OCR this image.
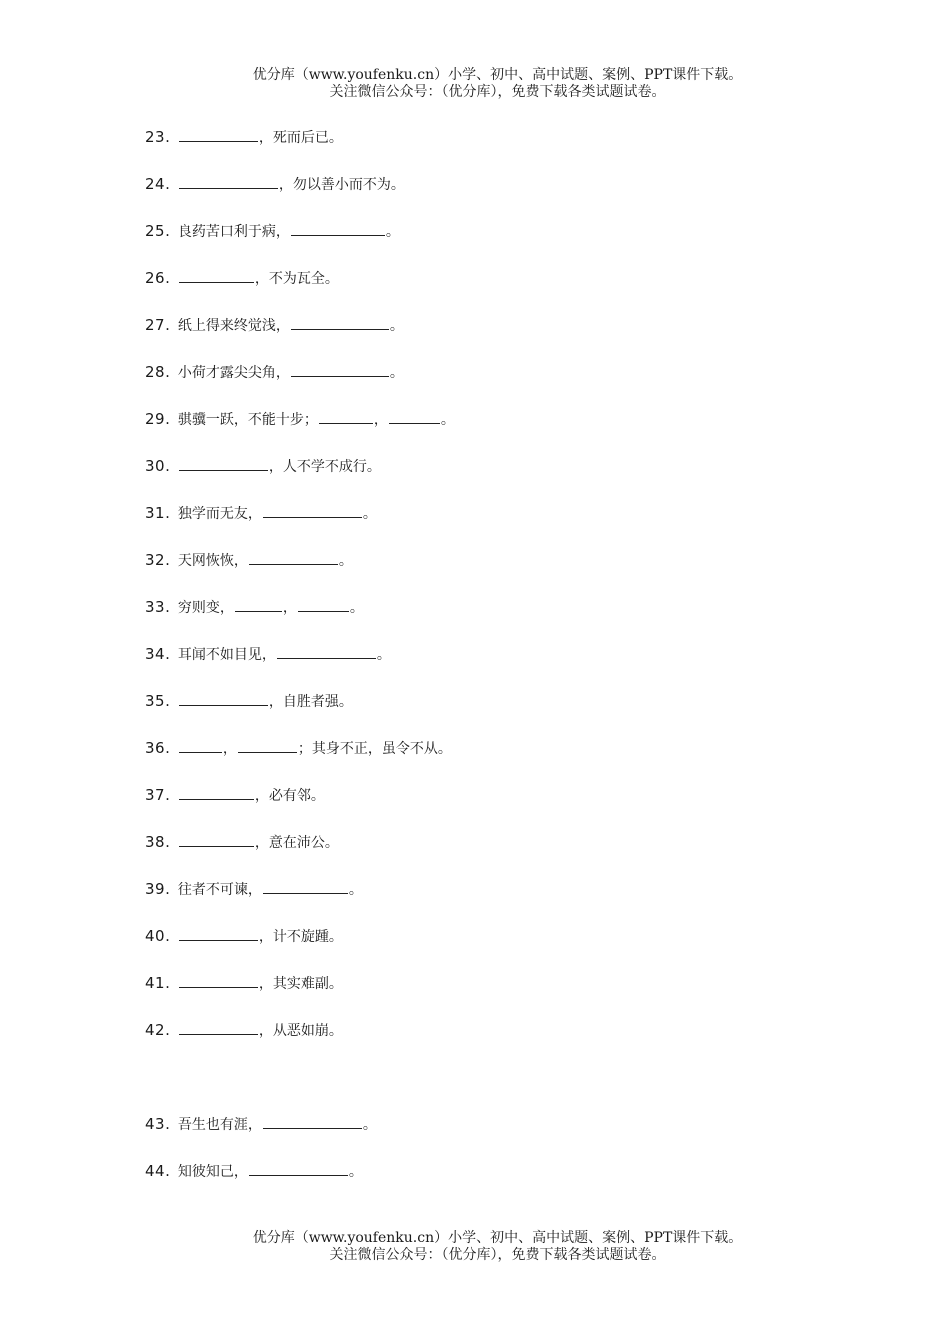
优分库（www.youfenku.cn）小学、初中、高中试题、案例、PPT课件下载。
关注微信公众号：（优分库），免费下载各类试题试卷。
23.	，死而后已。
24.	，勿以善小而不为。
25. 良药苦口利于病，	。
26.	，不为瓦全。
27. 纸上得来终觉浅，	。
28. 小荷才露尖尖角，	。
29. 骐骥一跃，不能十步；	，	。
30.	，人不学不成行。
31. 独学而无友，	。
32. 天网恢恢，	。
33. 穷则变，	，	。
34. 耳闻不如目见，	。
35.	，自胜者强。
36.	，	；其身不正，虽令不从。
37.	，必有邻。
38.	，意在沛公。
39. 往者不可谏，	。
40.	，计不旋踵。
41.	，其实难副。
42.	，从恶如崩。
43. 吾生也有涯，	。
44. 知彼知己，	。
优分库（www.youfenku.cn）小学、初中、高中试题、案例、PPT课件下载。
关注微信公众号：（优分库），免费下载各类试题试卷。
